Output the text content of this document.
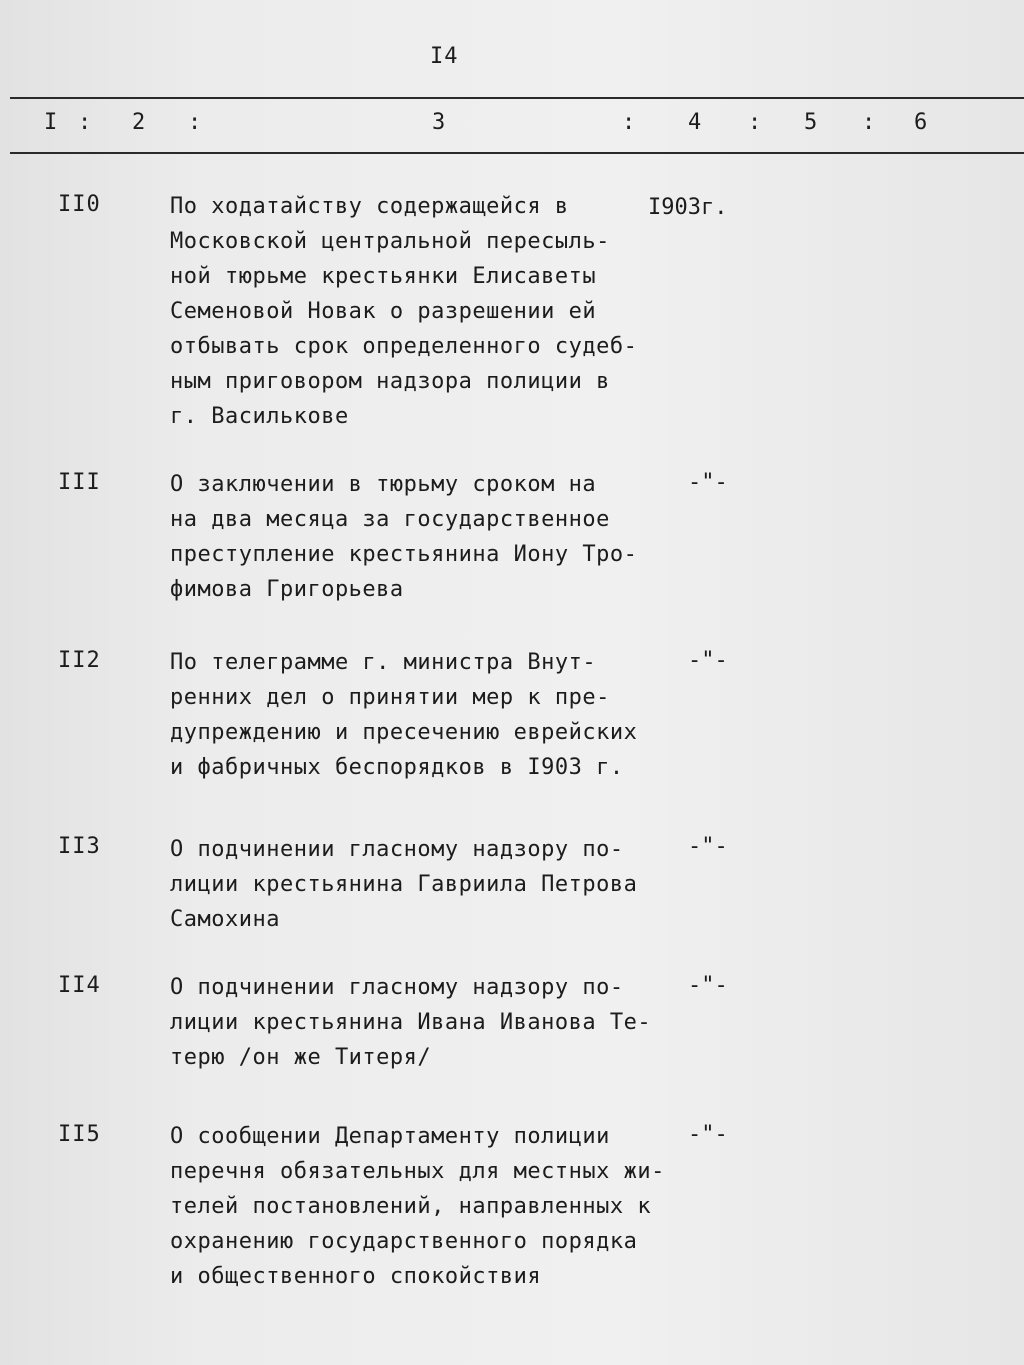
I4
I : 2 :	3	: 4 : 5 : 6
II0	По ходатайству содержащейся в
Московской центральной пересыль-
ной тюрьме крестьянки Елисаветы
Семеновой Новак о разрешении ей
отбывать срок определенного судеб-
ным приговором надзора полиции в
г. Василькове
I903г.
III	О заключении в тюрьму сроком на
на два месяца за государственное
преступление крестьянина Иону Тро-
фимова Григорьева
-"-
II2	По телеграмме г. министра Внут-
ренних дел о принятии мер к пре-
дупреждению и пресечению еврейских
и фабричных беспорядков в I903 г.
-"-
II3	О подчинении гласному надзору по-
лиции крестьянина Гавриила Петрова
Самохина
-"-
II4	О подчинении гласному надзору по-
лиции крестьянина Ивана Иванова Те-
терю /он же Титеря/
-"-
II5	О сообщении Департаменту полиции
перечня обязательных для местных жи-
телей постановлений, направленных к
охранению государственного порядка
и общественного спокойствия
-"-
